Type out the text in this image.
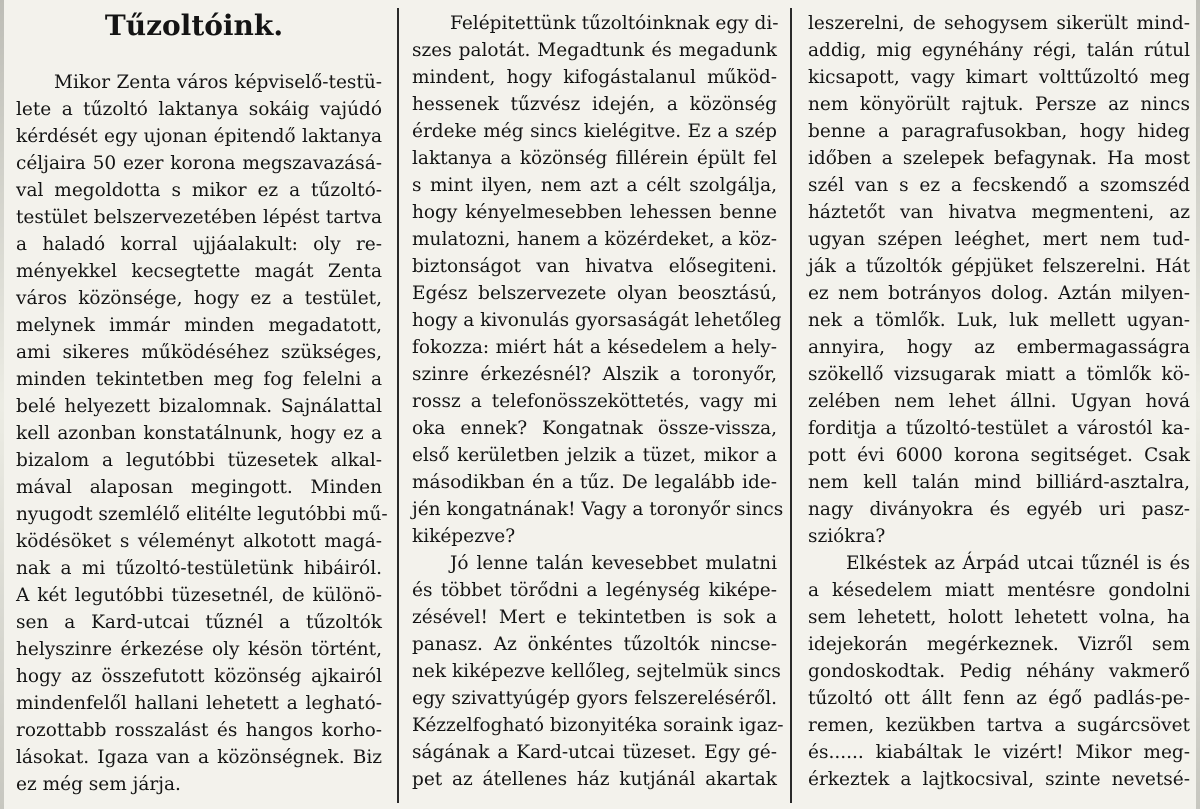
Tűzoltóink.
Mikor Zenta város képviselő-testü-
lete a tűzoltó laktanya sokáig vajúdó
kérdését egy ujonan épitendő laktanya
céljaira 50 ezer korona megszavazásá-
val megoldotta s mikor ez a tűzoltó-
testület belszervezetében lépést tartva
a haladó korral ujjáalakult: oly re-
ményekkel kecsegtette magát Zenta
város közönsége, hogy ez a testület,
melynek immár minden megadatott,
ami sikeres működéséhez szükséges,
minden tekintetben meg fog felelni a
belé helyezett bizalomnak. Sajnálattal
kell azonban konstatálnunk, hogy ez a
bizalom a legutóbbi tüzesetek alkal-
mával alaposan megingott. Minden
nyugodt szemlélő elitélte legutóbbi mű-
ködésöket s véleményt alkotott magá-
nak a mi tűzoltó-testületünk hibáiról.
A két legutóbbi tüzesetnél, de különö-
sen a Kard-utcai tűznél a tűzoltók
helyszinre érkezése oly késön történt,
hogy az összefutott közönség ajkairól
mindenfelől hallani lehetett a legható-
rozottabb rosszalást és hangos korho-
lásokat. Igaza van a közönségnek. Biz
ez még sem járja.
Felépitettünk tűzoltóinknak egy di-
szes palotát. Megadtunk és megadunk
mindent, hogy kifogástalanul működ-
hessenek tűzvész idején, a közönség
érdeke még sincs kielégitve. Ez a szép
laktanya a közönség fillérein épült fel
s mint ilyen, nem azt a célt szolgálja,
hogy kényelmesebben lehessen benne
mulatozni, hanem a közérdeket, a köz-
biztonságot van hivatva elősegiteni.
Egész belszervezete olyan beosztású,
hogy a kivonulás gyorsaságát lehetőleg
fokozza: miért hát a késedelem a hely-
szinre érkezésnél? Alszik a toronyőr,
rossz a telefonösszeköttetés, vagy mi
oka ennek? Kongatnak össze-vissza,
első kerületben jelzik a tüzet, mikor a
másodikban én a tűz. De legalább ide-
jén kongatnának! Vagy a toronyőr sincs
kiképezve?
Jó lenne talán kevesebbet mulatni
és többet törődni a legénység kiképe-
zésével! Mert e tekintetben is sok a
panasz. Az önkéntes tűzoltók nincse-
nek kiképezve kellőleg, sejtelmük sincs
egy szivattyúgép gyors felszereléséről.
Kézzelfogható bizonyitéka soraink igaz-
ságának a Kard-utcai tüzeset. Egy gé-
pet az átellenes ház kutjánál akartak
leszerelni, de sehogysem sikerült mind-
addig, mig egynéhány régi, talán rútul
kicsapott, vagy kimart volttűzoltó meg
nem könyörült rajtuk. Persze az nincs
benne a paragrafusokban, hogy hideg
időben a szelepek befagynak. Ha most
szél van s ez a fecskendő a szomszéd
háztetőt van hivatva megmenteni, az
ugyan szépen leéghet, mert nem tud-
ják a tűzoltók gépjüket felszerelni. Hát
ez nem botrányos dolog. Aztán milyen-
nek a tömlők. Luk, luk mellett ugyan-
annyira, hogy az embermagasságra
szökellő vizsugarak miatt a tömlők kö-
zelében nem lehet állni. Ugyan hová
forditja a tűzoltó-testület a várostól ka-
pott évi 6000 korona segitséget. Csak
nem kell talán mind billiárd-asztalra,
nagy diványokra és egyéb uri pasz-
sziókra?
Elkéstek az Árpád utcai tűznél is és
a késedelem miatt mentésre gondolni
sem lehetett, holott lehetett volna, ha
idejekorán megérkeznek. Vizről sem
gondoskodtak. Pedig néhány vakmerő
tűzoltó ott állt fenn az égő padlás-pe-
remen, kezükben tartva a sugárcsövet
és...... kiabáltak le vizért! Mikor meg-
érkeztek a lajtkocsival, szinte nevetsé-
